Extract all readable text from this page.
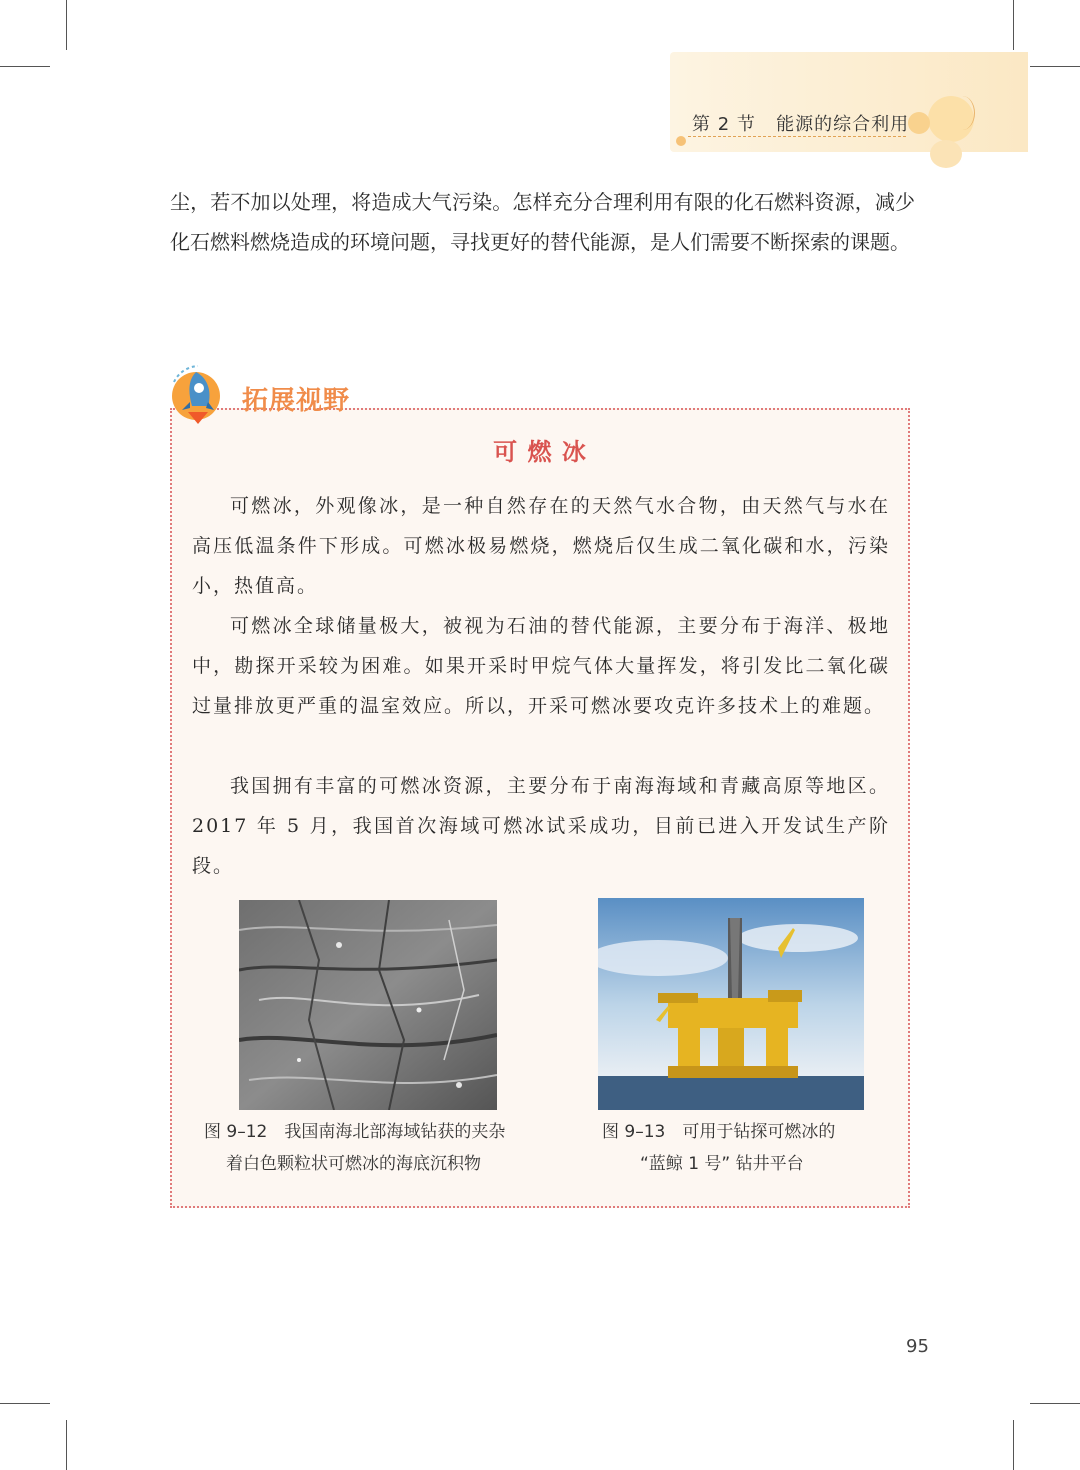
第 2 节 能源的综合利用
尘，若不加以处理，将造成大气污染。怎样充分合理利用有限的化石燃料资源，减少化石燃料燃烧造成的环境问题，寻找更好的替代能源，是人们需要不断探索的课题。
拓展视野
可 燃 冰
可燃冰，外观像冰，是一种自然存在的天然气水合物，由天然气与水在高压低温条件下形成。可燃冰极易燃烧，燃烧后仅生成二氧化碳和水，污染小，热值高。
可燃冰全球储量极大，被视为石油的替代能源，主要分布于海洋、极地中，勘探开采较为困难。如果开采时甲烷气体大量挥发，将引发比二氧化碳过量排放更严重的温室效应。所以，开采可燃冰要攻克许多技术上的难题。
我国拥有丰富的可燃冰资源，主要分布于南海海域和青藏高原等地区。2017 年 5 月，我国首次海域可燃冰试采成功，目前已进入开发试生产阶段。
图 9–12　我国南海北部海域钻获的夹杂
着白色颗粒状可燃冰的海底沉积物
图 9–13　可用于钻探可燃冰的
“蓝鲸 1 号” 钻井平台
95
